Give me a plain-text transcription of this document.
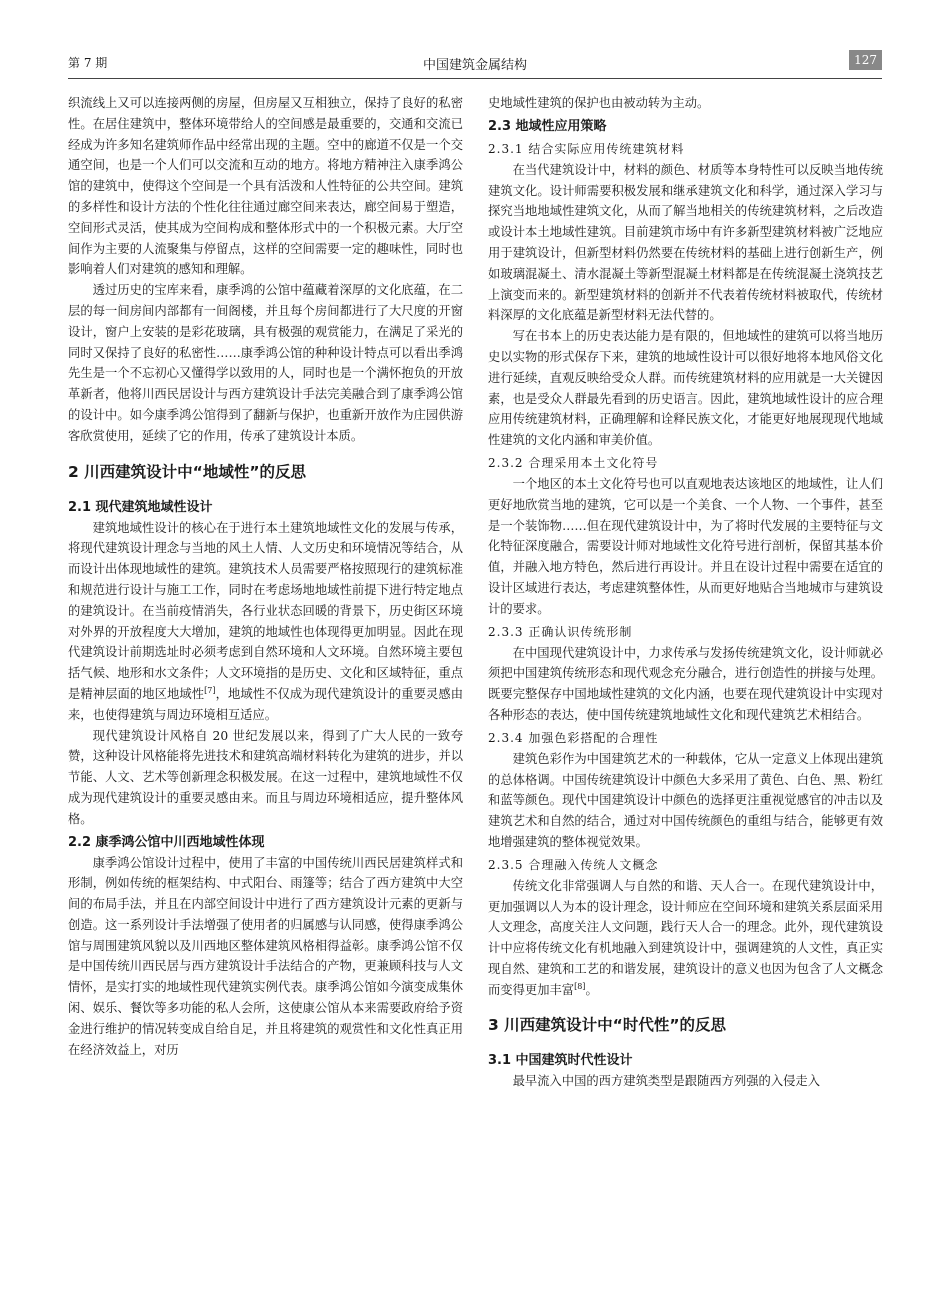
第 7 期	中国建筑金属结构	127

织流线上又可以连接两侧的房屋，但房屋又互相独立，保持了良好的私密性。在居住建筑中，整体环境带给人的空间感是最重要的，交通和交流已经成为许多知名建筑师作品中经常出现的主题。空中的廊道不仅是一个交通空间，也是一个人们可以交流和互动的地方。将地方精神注入康季鸿公馆的建筑中，使得这个空间是一个具有活泼和人性特征的公共空间。建筑的多样性和设计方法的个性化往往通过廊空间来表达，廊空间易于塑造，空间形式灵活，使其成为空间构成和整体形式中的一个积极元素。大厅空间作为主要的人流聚集与停留点，这样的空间需要一定的趣味性，同时也影响着人们对建筑的感知和理解。

透过历史的宝库来看，康季鸿的公馆中蕴藏着深厚的文化底蕴，在二层的每一间房间内部都有一间阁楼，并且每个房间都进行了大尺度的开窗设计，窗户上安装的是彩花玻璃，具有极强的观赏能力，在满足了采光的同时又保持了良好的私密性……康季鸿公馆的种种设计特点可以看出季鸿先生是一个不忘初心又懂得学以致用的人，同时也是一个满怀抱负的开放革新者，他将川西民居设计与西方建筑设计手法完美融合到了康季鸿公馆的设计中。如今康季鸿公馆得到了翻新与保护，也重新开放作为庄园供游客欣赏使用，延续了它的作用，传承了建筑设计本质。

2 川西建筑设计中“地域性”的反思
2.1 现代建筑地域性设计

建筑地域性设计的核心在于进行本土建筑地域性文化的发展与传承，将现代建筑设计理念与当地的风土人情、人文历史和环境情况等结合，从而设计出体现地域性的建筑。建筑技术人员需要严格按照现行的建筑标准和规范进行设计与施工工作，同时在考虑场地地域性前提下进行特定地点的建筑设计。在当前疫情消失，各行业状态回暖的背景下，历史街区环境对外界的开放程度大大增加，建筑的地域性也体现得更加明显。因此在现代建筑设计前期选址时必须考虑到自然环境和人文环境。自然环境主要包括气候、地形和水文条件；人文环境指的是历史、文化和区域特征，重点是精神层面的地区地域性[7]，地域性不仅成为现代建筑设计的重要灵感由来，也使得建筑与周边环境相互适应。

现代建筑设计风格自 20 世纪发展以来，得到了广大人民的一致夸赞，这种设计风格能将先进技术和建筑高端材料转化为建筑的进步，并以节能、人文、艺术等创新理念积极发展。在这一过程中，建筑地域性不仅成为现代建筑设计的重要灵感由来。而且与周边环境相适应，提升整体风格。

2.2 康季鸿公馆中川西地域性体现

康季鸿公馆设计过程中，使用了丰富的中国传统川西民居建筑样式和形制，例如传统的框架结构、中式阳台、雨篷等；结合了西方建筑中大空间的布局手法，并且在内部空间设计中进行了西方建筑设计元素的更新与创造。这一系列设计手法增强了使用者的归属感与认同感，使得康季鸿公馆与周围建筑风貌以及川西地区整体建筑风格相得益彰。康季鸿公馆不仅是中国传统川西民居与西方建筑设计手法结合的产物，更兼顾科技与人文情怀，是实打实的地域性现代建筑实例代表。康季鸿公馆如今演变成集休闲、娱乐、餐饮等多功能的私人会所，这使康公馆从本来需要政府给予资金进行维护的情况转变成自给自足，并且将建筑的观赏性和文化性真正用在经济效益上，对历

史地域性建筑的保护也由被动转为主动。

2.3 地域性应用策略
2.3.1 结合实际应用传统建筑材料

在当代建筑设计中，材料的颜色、材质等本身特性可以反映当地传统建筑文化。设计师需要积极发展和继承建筑文化和科学，通过深入学习与探究当地地域性建筑文化，从而了解当地相关的传统建筑材料，之后改造或设计本土地域性建筑。目前建筑市场中有许多新型建筑材料被广泛地应用于建筑设计，但新型材料仍然要在传统材料的基础上进行创新生产，例如玻璃混凝土、清水混凝土等新型混凝土材料都是在传统混凝土浇筑技艺上演变而来的。新型建筑材料的创新并不代表着传统材料被取代，传统材料深厚的文化底蕴是新型材料无法代替的。

写在书本上的历史表达能力是有限的，但地域性的建筑可以将当地历史以实物的形式保存下来，建筑的地域性设计可以很好地将本地风俗文化进行延续，直观反映给受众人群。而传统建筑材料的应用就是一大关键因素，也是受众人群最先看到的历史语言。因此，建筑地域性设计的应合理应用传统建筑材料，正确理解和诠释民族文化，才能更好地展现现代地域性建筑的文化内涵和审美价值。

2.3.2 合理采用本土文化符号

一个地区的本土文化符号也可以直观地表达该地区的地域性，让人们更好地欣赏当地的建筑，它可以是一个美食、一个人物、一个事件，甚至是一个装饰物……但在现代建筑设计中，为了将时代发展的主要特征与文化特征深度融合，需要设计师对地域性文化符号进行剖析，保留其基本价值，并融入地方特色，然后进行再设计。并且在设计过程中需要在适宜的设计区域进行表达，考虑建筑整体性，从而更好地贴合当地城市与建筑设计的要求。

2.3.3 正确认识传统形制

在中国现代建筑设计中，力求传承与发扬传统建筑文化，设计师就必须把中国建筑传统形态和现代观念充分融合，进行创造性的拼接与处理。既要完整保存中国地域性建筑的文化内涵，也要在现代建筑设计中实现对各种形态的表达，使中国传统建筑地域性文化和现代建筑艺术相结合。

2.3.4 加强色彩搭配的合理性

建筑色彩作为中国建筑艺术的一种载体，它从一定意义上体现出建筑的总体格调。中国传统建筑设计中颜色大多采用了黄色、白色、黑、粉红和蓝等颜色。现代中国建筑设计中颜色的选择更注重视觉感官的冲击以及建筑艺术和自然的结合，通过对中国传统颜色的重组与结合，能够更有效地增强建筑的整体视觉效果。

2.3.5 合理融入传统人文概念

传统文化非常强调人与自然的和谐、天人合一。在现代建筑设计中，更加强调以人为本的设计理念，设计师应在空间环境和建筑关系层面采用人文理念，高度关注人文问题，践行天人合一的理念。此外，现代建筑设计中应将传统文化有机地融入到建筑设计中，强调建筑的人文性，真正实现自然、建筑和工艺的和谐发展，建筑设计的意义也因为包含了人文概念而变得更加丰富[8]。

3 川西建筑设计中“时代性”的反思
3.1 中国建筑时代性设计

最早流入中国的西方建筑类型是跟随西方列强的入侵走入
